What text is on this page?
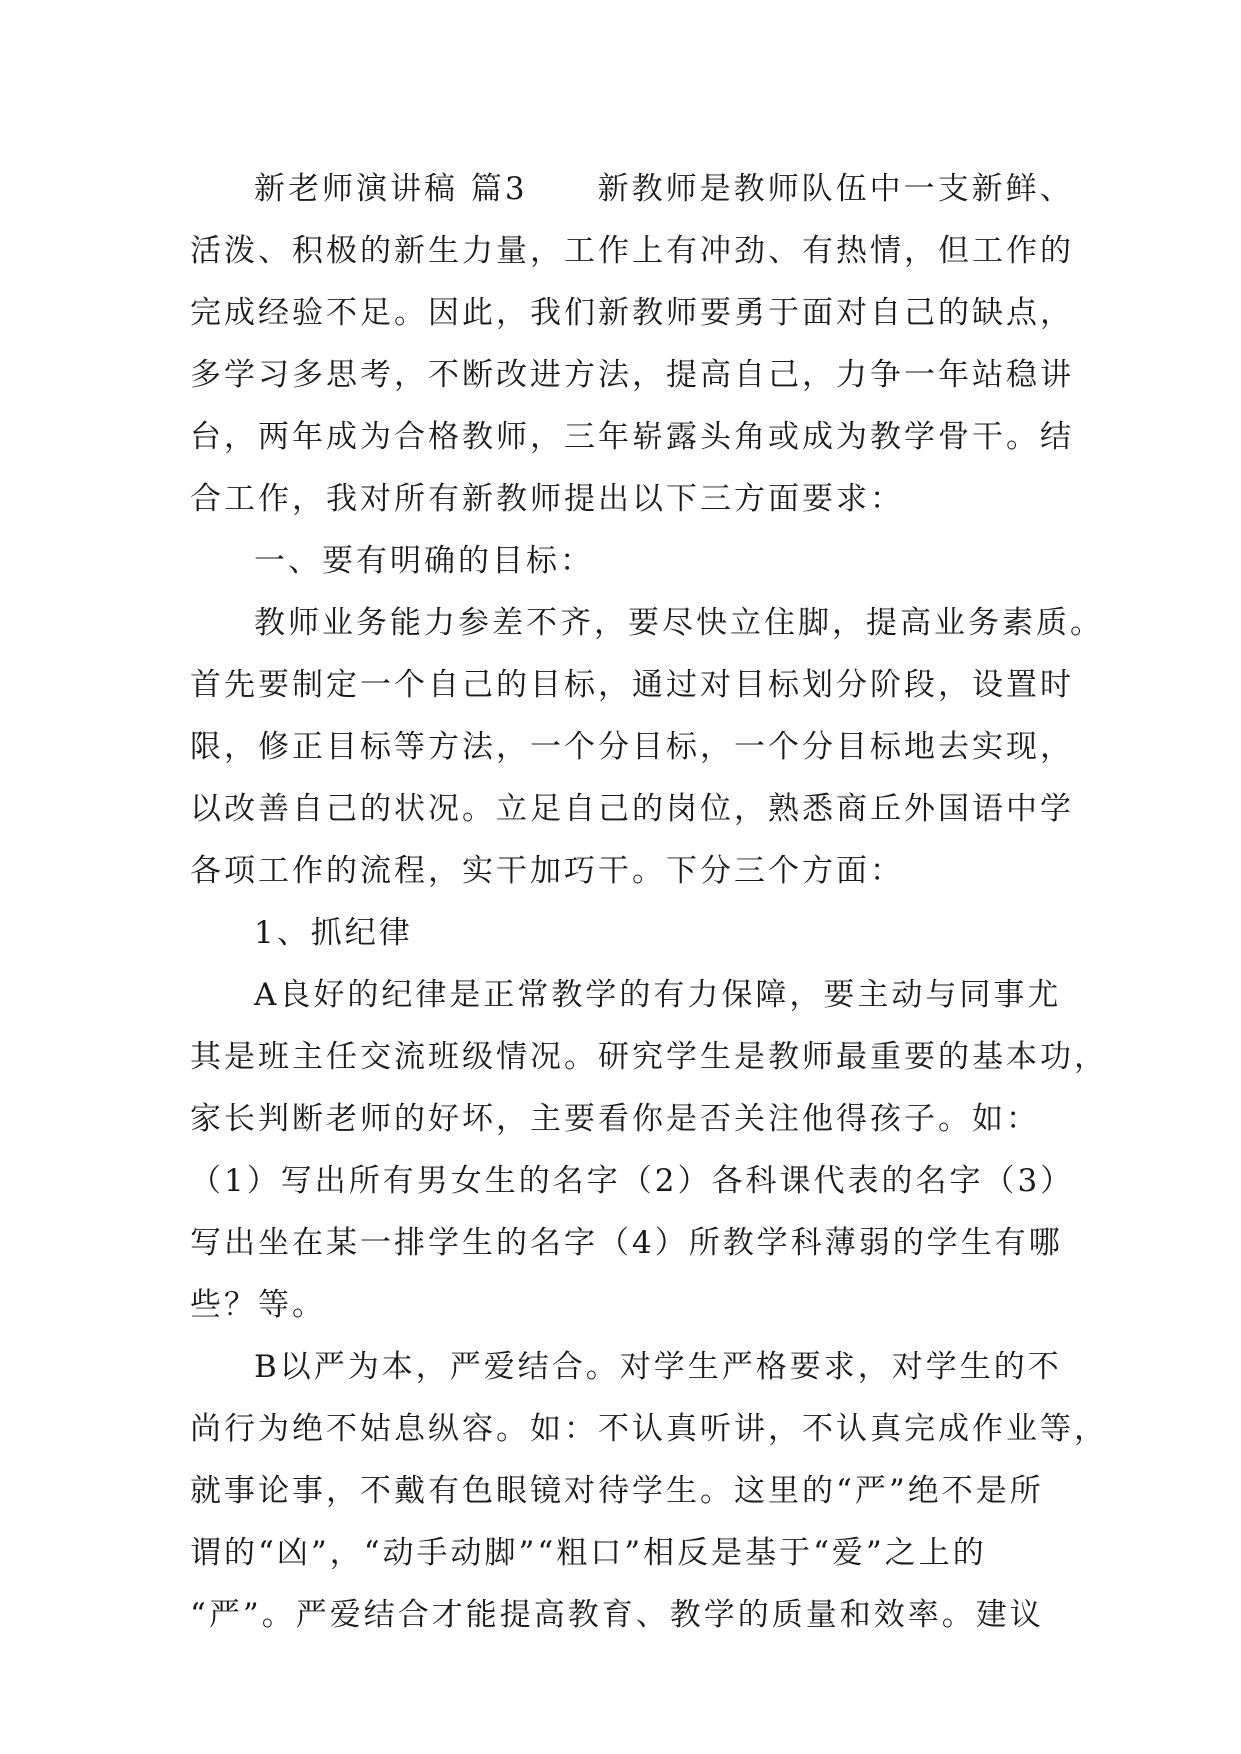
新老师演讲稿 篇3 新教师是教师队伍中一支新鲜、
活泼、积极的新生力量，工作上有冲劲、有热情，但工作的
完成经验不足。因此，我们新教师要勇于面对自己的缺点，
多学习多思考，不断改进方法，提高自己，力争一年站稳讲
台，两年成为合格教师，三年崭露头角或成为教学骨干。结
合工作，我对所有新教师提出以下三方面要求：
一、要有明确的目标：
教师业务能力参差不齐，要尽快立住脚，提高业务素质。
首先要制定一个自己的目标，通过对目标划分阶段，设置时
限，修正目标等方法，一个分目标，一个分目标地去实现，
以改善自己的状况。立足自己的岗位，熟悉商丘外国语中学
各项工作的流程，实干加巧干。下分三个方面：
1、抓纪律
A良好的纪律是正常教学的有力保障，要主动与同事尤
其是班主任交流班级情况。研究学生是教师最重要的基本功，
家长判断老师的好坏，主要看你是否关注他得孩子。如：
（1）写出所有男女生的名字（2）各科课代表的名字（3）
写出坐在某一排学生的名字（4）所教学科薄弱的学生有哪
些？等。
B以严为本，严爱结合。对学生严格要求，对学生的不
尚行为绝不姑息纵容。如：不认真听讲，不认真完成作业等，
就事论事，不戴有色眼镜对待学生。这里的“严”绝不是所
谓的“凶”，“动手动脚”“粗口”相反是基于“爱”之上的
“严”。严爱结合才能提高教育、教学的质量和效率。建议
